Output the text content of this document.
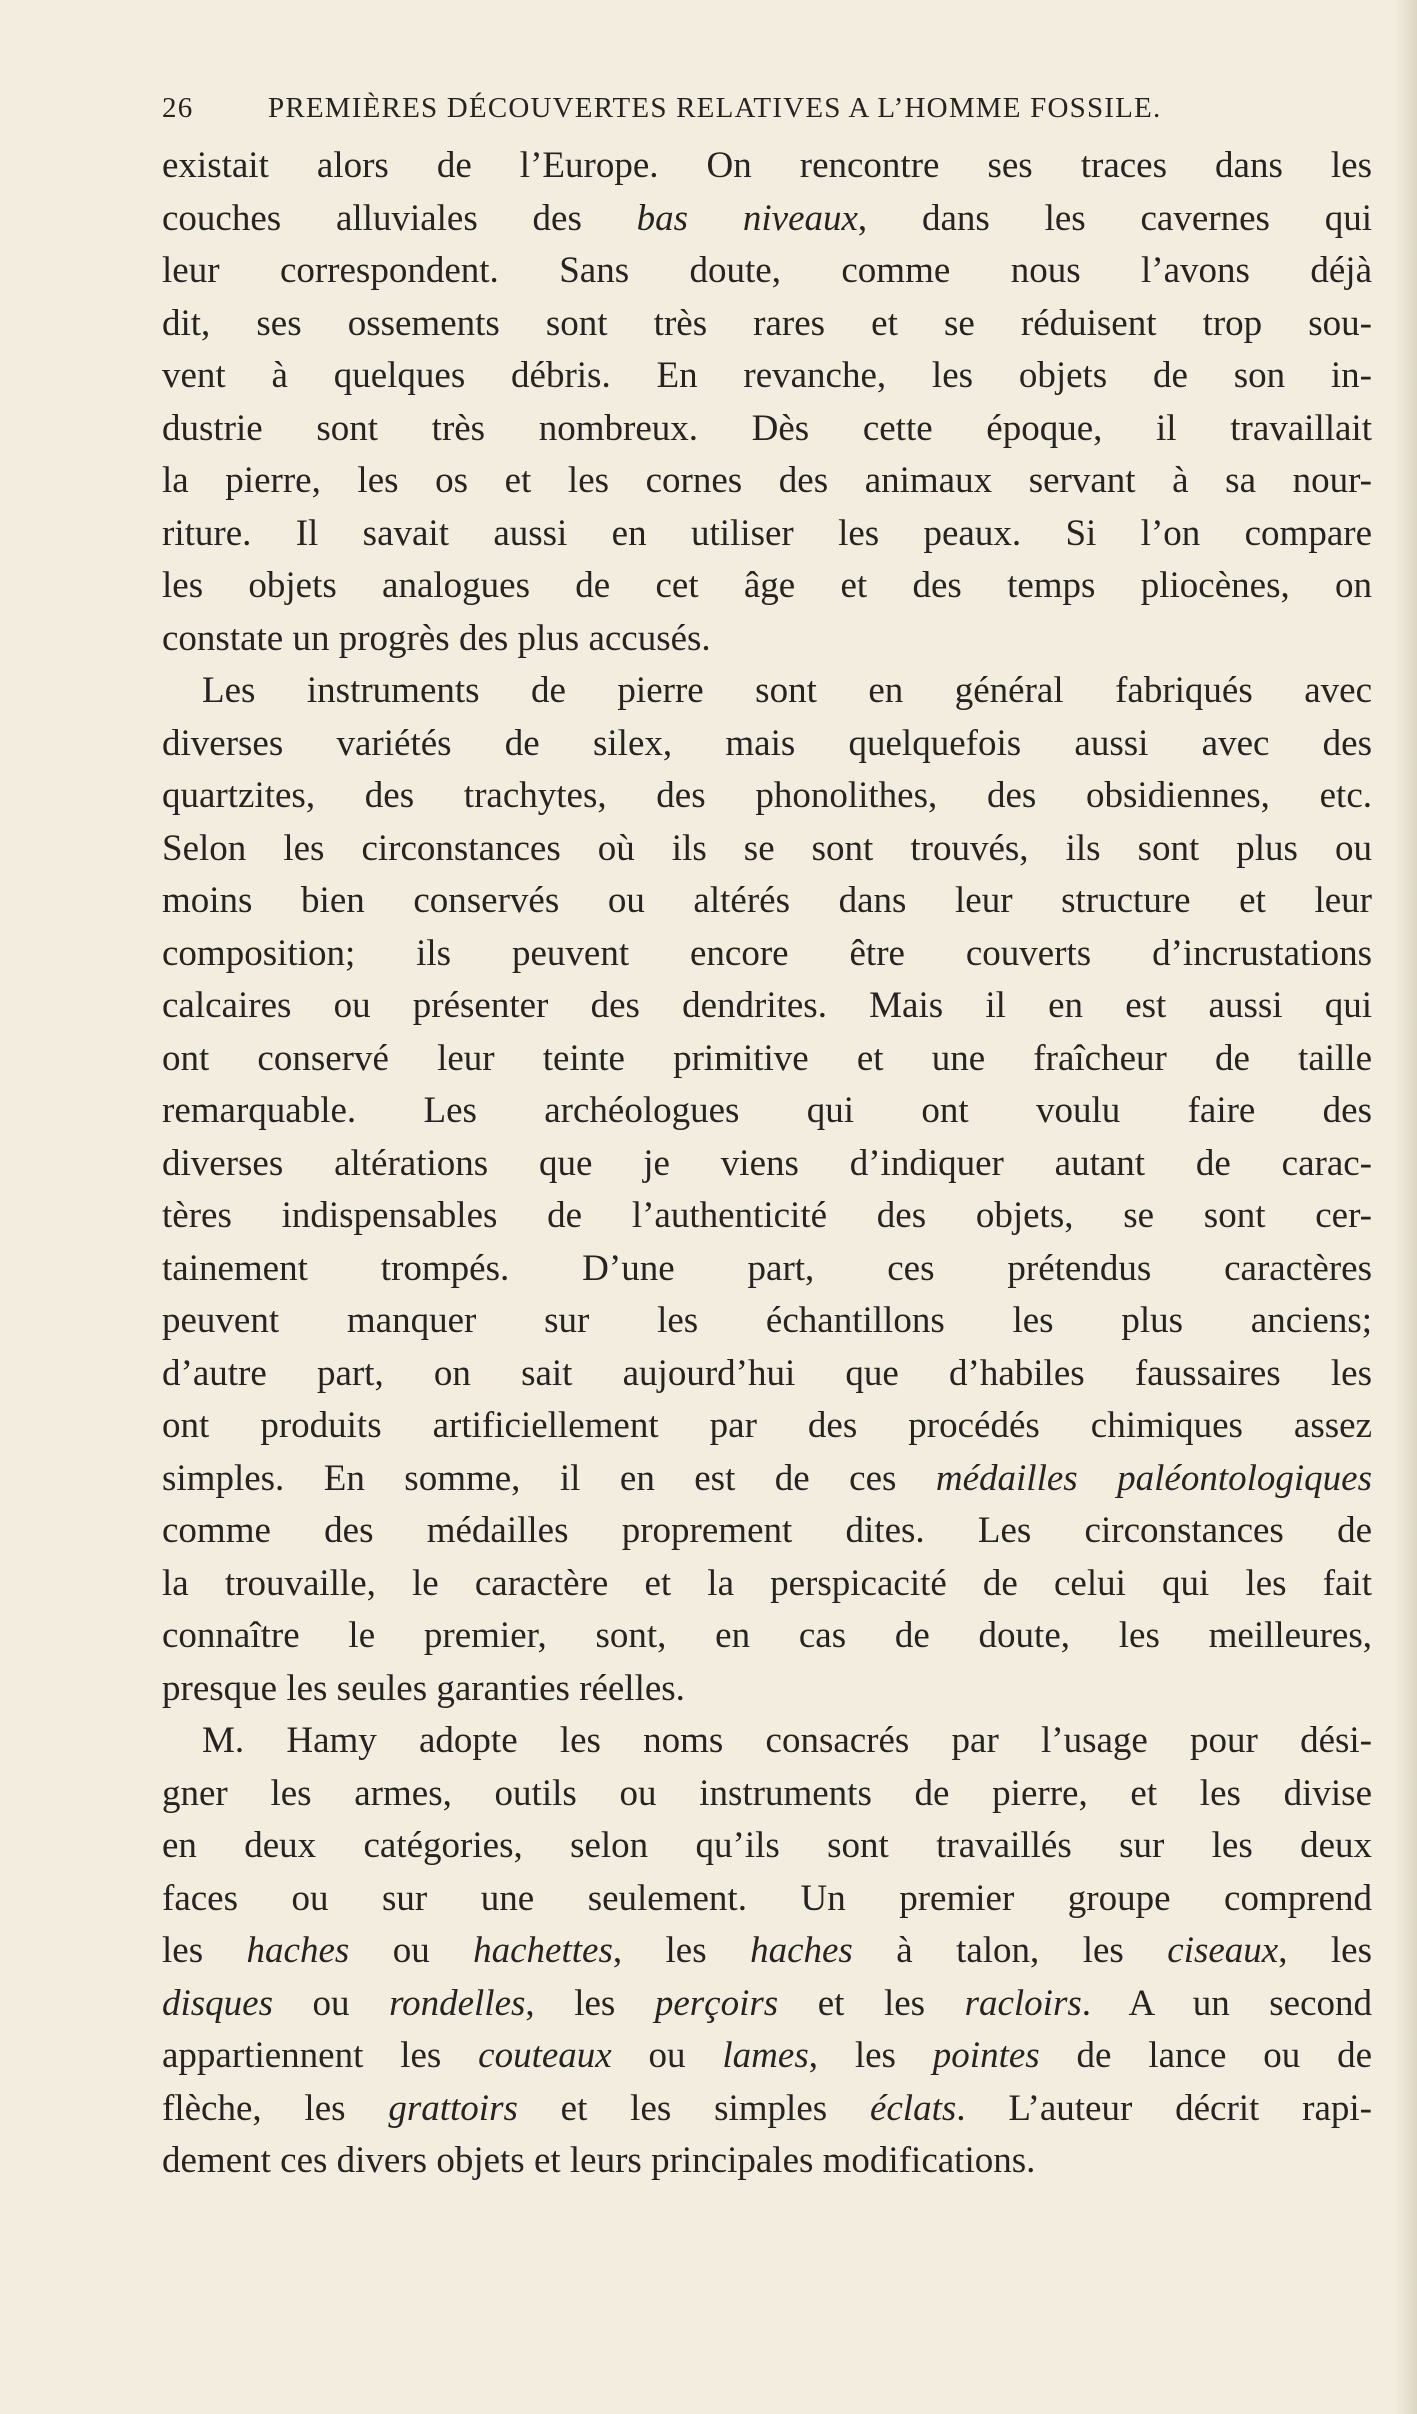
26	PREMIÈRES DÉCOUVERTES RELATIVES A L’HOMME FOSSILE.
existait alors de l’Europe. On rencontre ses traces dans les
couches alluviales des bas niveaux, dans les cavernes qui
leur correspondent. Sans doute, comme nous l’avons déjà
dit, ses ossements sont très rares et se réduisent trop sou-
vent à quelques débris. En revanche, les objets de son in-
dustrie sont très nombreux. Dès cette époque, il travaillait
la pierre, les os et les cornes des animaux servant à sa nour-
riture. Il savait aussi en utiliser les peaux. Si l’on compare
les objets analogues de cet âge et des temps pliocènes, on
constate un progrès des plus accusés.
Les instruments de pierre sont en général fabriqués avec
diverses variétés de silex, mais quelquefois aussi avec des
quartzites, des trachytes, des phonolithes, des obsidiennes, etc.
Selon les circonstances où ils se sont trouvés, ils sont plus ou
moins bien conservés ou altérés dans leur structure et leur
composition; ils peuvent encore être couverts d’incrustations
calcaires ou présenter des dendrites. Mais il en est aussi qui
ont conservé leur teinte primitive et une fraîcheur de taille
remarquable. Les archéologues qui ont voulu faire des
diverses altérations que je viens d’indiquer autant de carac-
tères indispensables de l’authenticité des objets, se sont cer-
tainement trompés. D’une part, ces prétendus caractères
peuvent manquer sur les échantillons les plus anciens;
d’autre part, on sait aujourd’hui que d’habiles faussaires les
ont produits artificiellement par des procédés chimiques assez
simples. En somme, il en est de ces médailles paléontologiques
comme des médailles proprement dites. Les circonstances de
la trouvaille, le caractère et la perspicacité de celui qui les fait
connaître le premier, sont, en cas de doute, les meilleures,
presque les seules garanties réelles.
M. Hamy adopte les noms consacrés par l’usage pour dési-
gner les armes, outils ou instruments de pierre, et les divise
en deux catégories, selon qu’ils sont travaillés sur les deux
faces ou sur une seulement. Un premier groupe comprend
les haches ou hachettes, les haches à talon, les ciseaux, les
disques ou rondelles, les perçoirs et les racloirs. A un second
appartiennent les couteaux ou lames, les pointes de lance ou de
flèche, les grattoirs et les simples éclats. L’auteur décrit rapi-
dement ces divers objets et leurs principales modifications.
